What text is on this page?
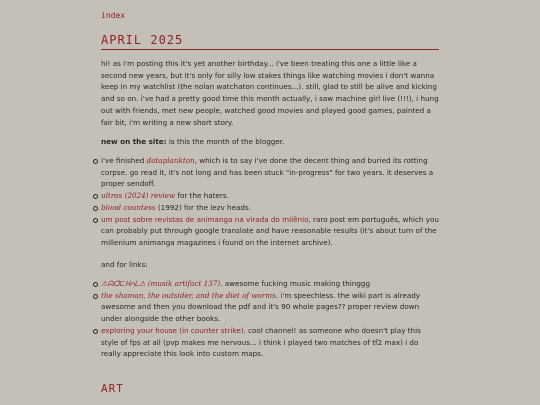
index
APRIL 2025

hi! as i'm posting this it's yet another birthday... i've been treating this one a little like a second new years, but it's only for silly low stakes things like watching movies i don't wanna keep in my watchlist (the nolan watchaton continues...). still, glad to still be alive and kicking and so on. i've had a pretty good time this month actually, i saw machine girl live (!!!), i hung out with friends, met new people, watched good movies and played good games, painted a fair bit, i'm writing a new short story.

new on the site: is this the month of the blogger.

i've finished dataplankton, which is to say i've done the decent thing and buried its rotting corpse. go read it, it's not long and has been stuck "in-progress" for two years. it deserves a proper sendoff.
ultros (2024) review for the haters.
blood countess (1992) for the lezv heads.
um post sobre revistas de animanga na virada do milênio, raro post em português, which you can probably put through google translate and have reasonable results (it's about turn of the millenium animanga magazines i found on the internet archive).

and for links:

⚠︎ᗣᗡ⊏ᕼ⩀ᒪ⚠︎ (musik artifact 137). awesome fucking music making thinggg
the shaman, the outsider, and the diet of worms. i'm speechless. the wiki part is already awesome and then you download the pdf and it's 90 whole pages?? proper review down under alongside the other books.
exploring your house (in counter strike). cool channel! as someone who doesn't play this style of fps at all (pvp makes me nervous... i think i played two matches of tf2 max) i do really appreciate this look into custom maps.
ART
